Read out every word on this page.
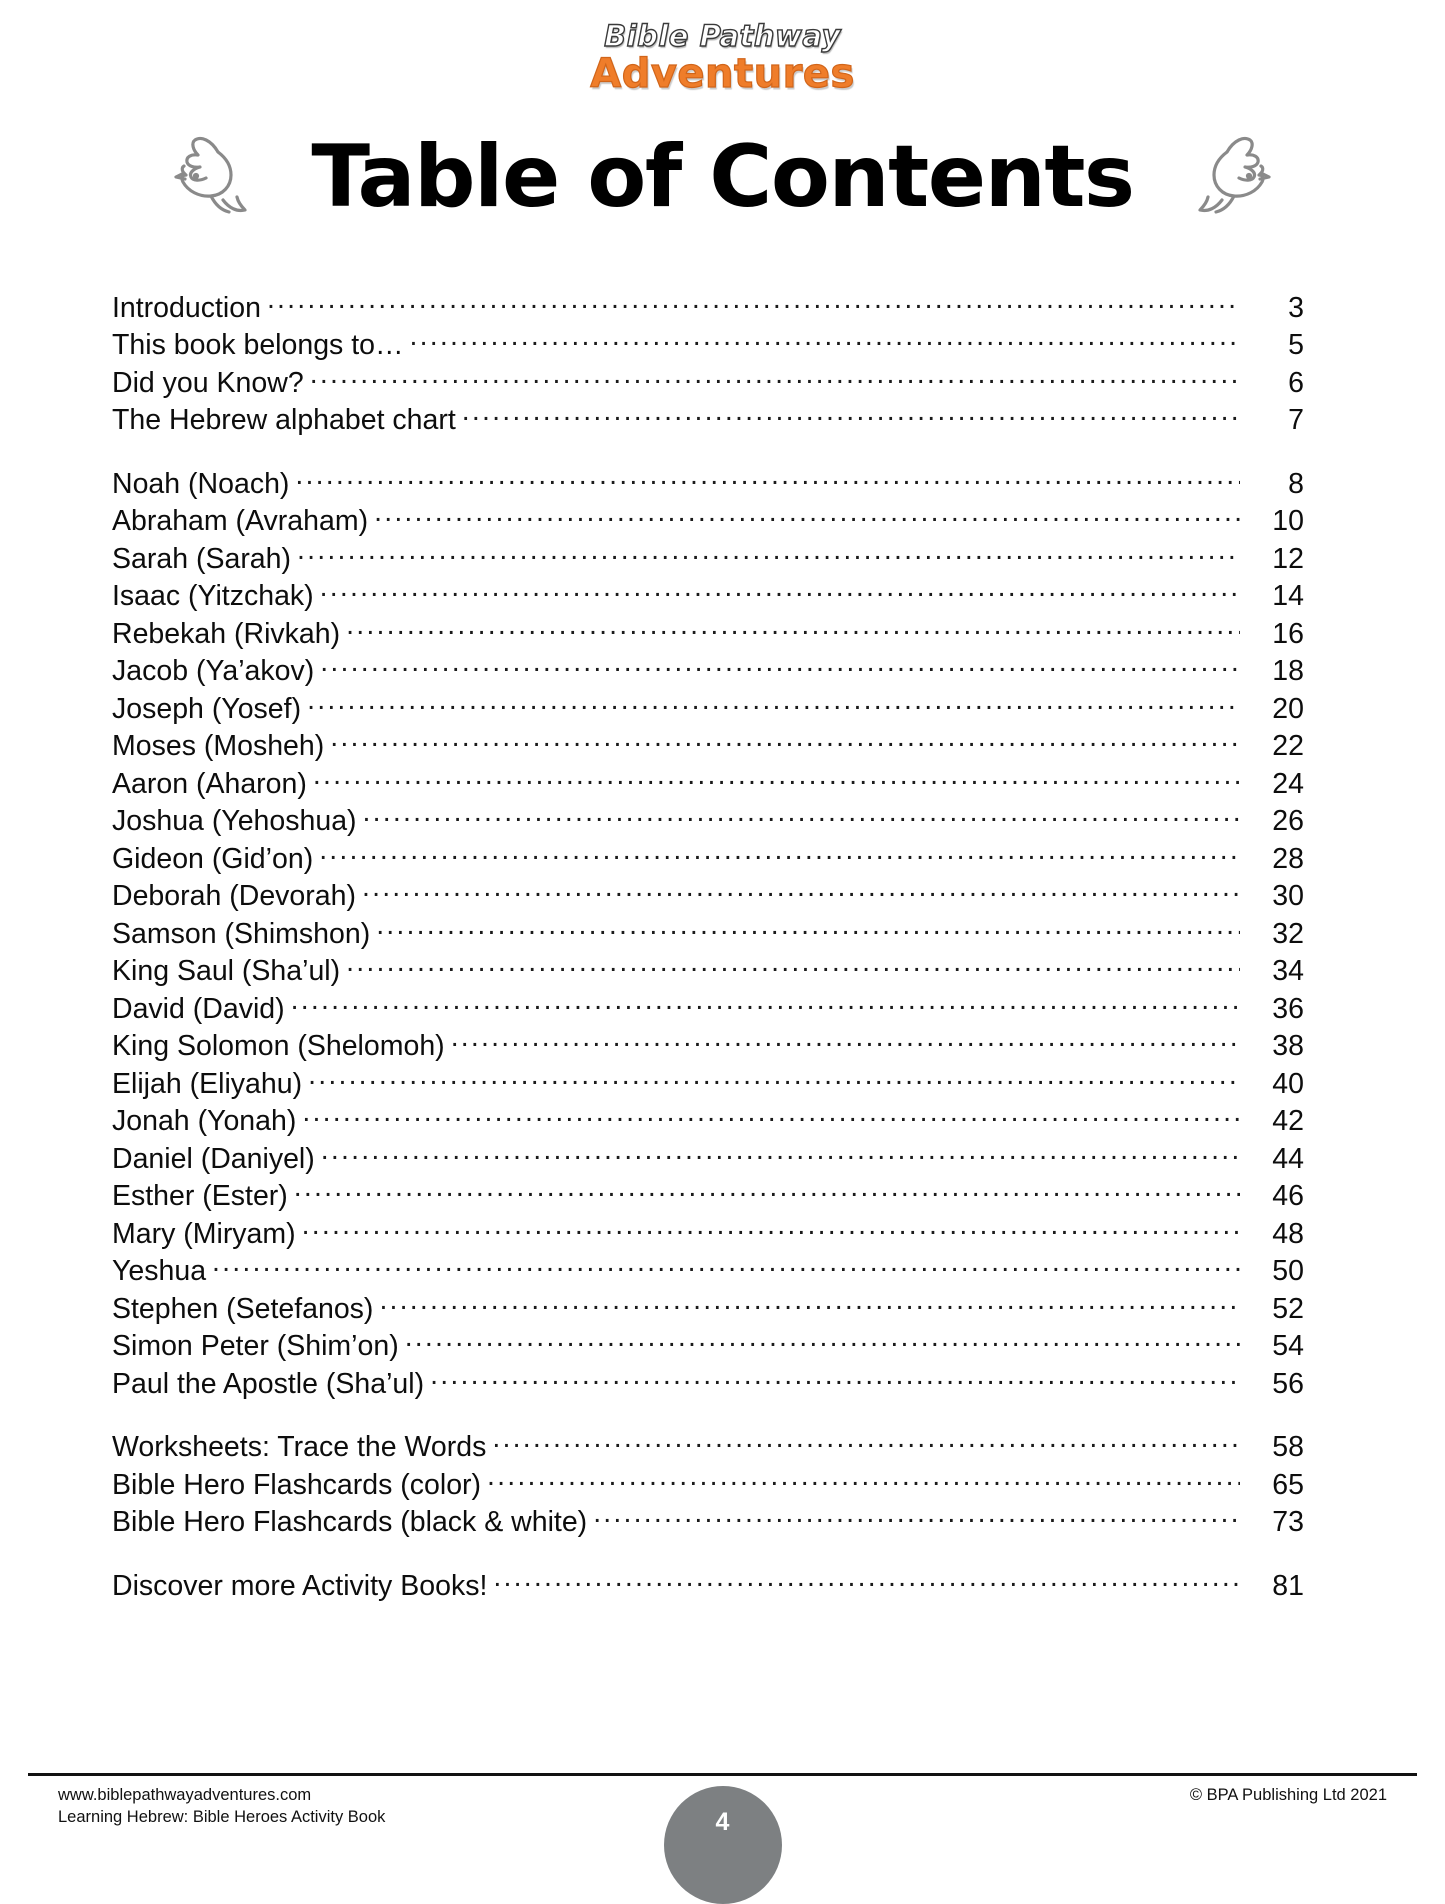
Bible Pathway
Adventures
Table of Contents
Introduction .....	3
This book belongs to… .....	5
Did you Know? .....	6
The Hebrew alphabet chart .....	7
Noah (Noach) .....	8
Abraham (Avraham) .....	10
Sarah (Sarah) .....	12
Isaac (Yitzchak) .....	14
Rebekah (Rivkah) .....	16
Jacob (Ya’akov) .....	18
Joseph (Yosef) .....	20
Moses (Mosheh) .....	22
Aaron (Aharon) .....	24
Joshua (Yehoshua) .....	26
Gideon (Gid’on) .....	28
Deborah (Devorah) .....	30
Samson (Shimshon) .....	32
King Saul (Sha’ul) .....	34
David (David) .....	36
King Solomon (Shelomoh) .....	38
Elijah (Eliyahu) .....	40
Jonah (Yonah) .....	42
Daniel (Daniyel) .....	44
Esther (Ester) .....	46
Mary (Miryam) .....	48
Yeshua .....	50
Stephen (Setefanos) .....	52
Simon Peter (Shim’on) .....	54
Paul the Apostle (Sha’ul) .....	56
Worksheets: Trace the Words .....	58
Bible Hero Flashcards (color) .....	65
Bible Hero Flashcards (black & white) .....	73
Discover more Activity Books! .....	81
www.biblepathwayadventures.com
Learning Hebrew: Bible Heroes Activity Book
© BPA Publishing Ltd 2021
4
